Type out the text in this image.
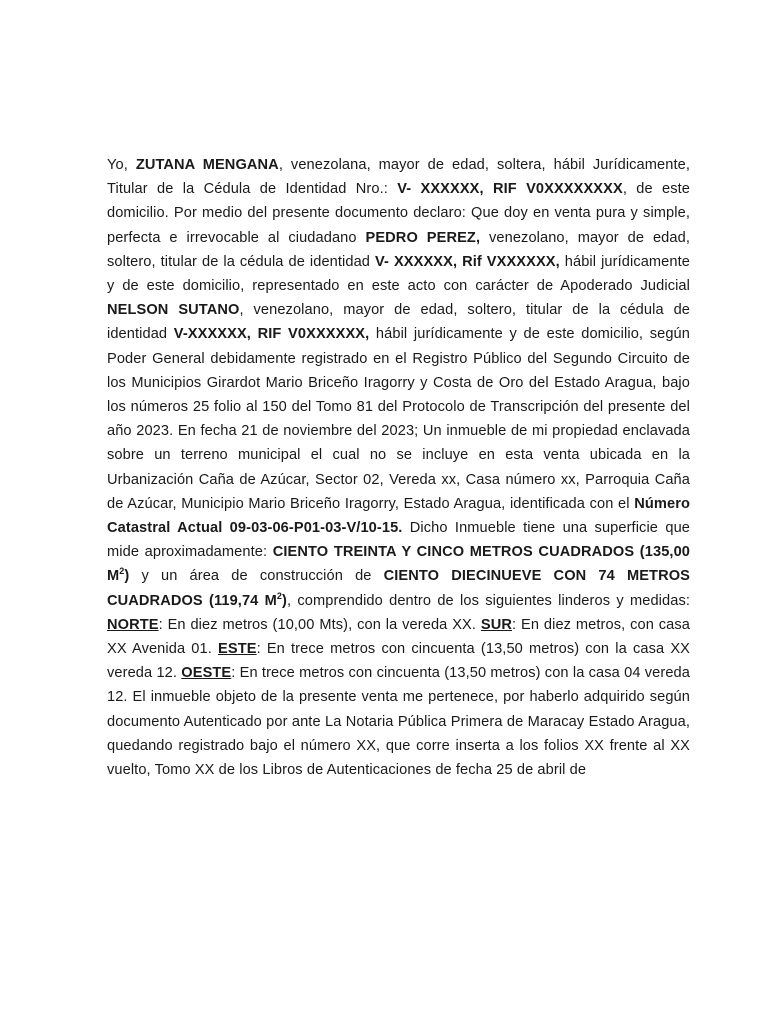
Yo, ZUTANA MENGANA, venezolana, mayor de edad, soltera, hábil Jurídicamente, Titular de la Cédula de Identidad Nro.: V- XXXXXX, RIF V0XXXXXXXX, de este domicilio. Por medio del presente documento declaro: Que doy en venta pura y simple, perfecta e irrevocable al ciudadano PEDRO PEREZ, venezolano, mayor de edad, soltero, titular de la cédula de identidad V- XXXXXX, Rif VXXXXXX, hábil jurídicamente y de este domicilio, representado en este acto con carácter de Apoderado Judicial NELSON SUTANO, venezolano, mayor de edad, soltero, titular de la cédula de identidad V-XXXXXX, RIF V0XXXXXX, hábil jurídicamente y de este domicilio, según Poder General debidamente registrado en el Registro Público del Segundo Circuito de los Municipios Girardot Mario Briceño Iragorry y Costa de Oro del Estado Aragua, bajo los números 25 folio al 150 del Tomo 81 del Protocolo de Transcripción del presente del año 2023. En fecha 21 de noviembre del 2023; Un inmueble de mi propiedad enclavada sobre un terreno municipal el cual no se incluye en esta venta ubicada en la Urbanización Caña de Azúcar, Sector 02, Vereda xx, Casa número xx, Parroquia Caña de Azúcar, Municipio Mario Briceño Iragorry, Estado Aragua, identificada con el Número Catastral Actual 09-03-06-P01-03-V/10-15. Dicho Inmueble tiene una superficie que mide aproximadamente: CIENTO TREINTA Y CINCO METROS CUADRADOS (135,00 $M^2$) y un área de construcción de CIENTO DIECINUEVE CON 74 METROS CUADRADOS (119,74 $M^2$), comprendido dentro de los siguientes linderos y medidas: NORTE: En diez metros (10,00 Mts), con la vereda XX. SUR: En diez metros, con casa XX Avenida 01. ESTE: En trece metros con cincuenta (13,50 metros) con la casa XX vereda 12. OESTE: En trece metros con cincuenta (13,50 metros) con la casa 04 vereda 12. El inmueble objeto de la presente venta me pertenece, por haberlo adquirido según documento Autenticado por ante La Notaria Pública Primera de Maracay Estado Aragua, quedando registrado bajo el número XX, que corre inserta a los folios XX frente al XX vuelto, Tomo XX de los Libros de Autenticaciones de fecha 25 de abril de
